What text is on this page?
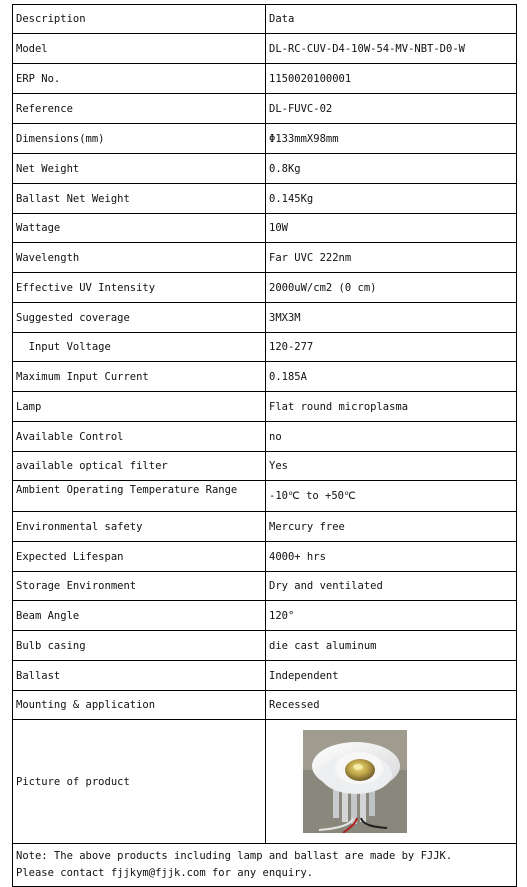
Description	Data
Model	DL-RC-CUV-D4-10W-54-MV-NBT-D0-W
ERP No.	1150020100001
Reference	DL-FUVC-02
Dimensions(mm)	Φ133mmX98mm
Net Weight	0.8Kg
Ballast Net Weight	0.145Kg
Wattage	10W
Wavelength	Far UVC 222nm
Effective UV Intensity	2000uW/cm2 (0 cm)
Suggested coverage	3MX3M
Input Voltage	120-277
Maximum Input Current	0.185A
Lamp	Flat round microplasma
Available Control	no
available optical filter	Yes
Ambient Operating Temperature Range	-10℃ to +50℃
Environmental safety	Mercury free
Expected Lifespan	4000+ hrs
Storage Environment	Dry and ventilated
Beam Angle	120°
Bulb casing	die cast aluminum
Ballast	Independent
Mounting & application	Recessed
Picture of product
Note: The above products including lamp and ballast are made by FJJK.
Please contact fjjkym@fjjk.com for any enquiry.
